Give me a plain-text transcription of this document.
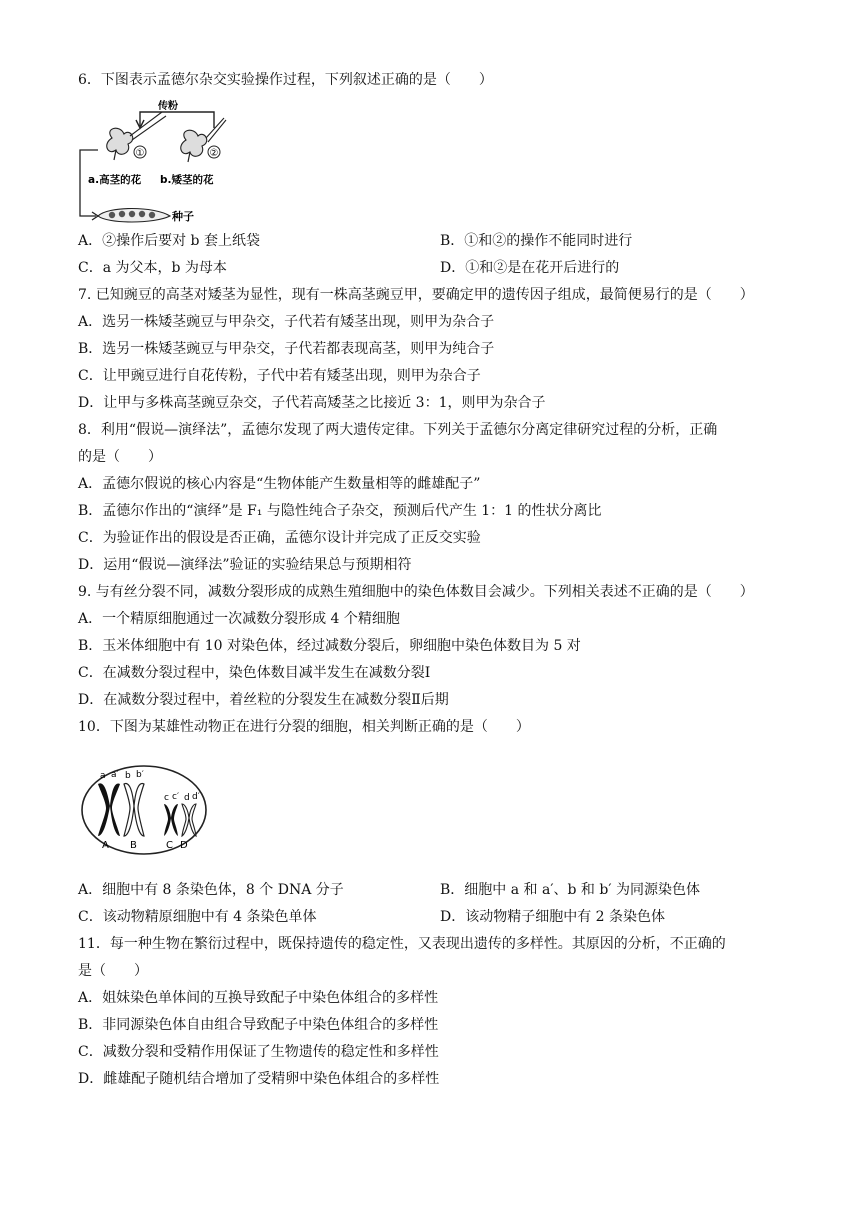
6．下图表示孟德尔杂交实验操作过程，下列叙述正确的是（　　）
传粉
①	②
a.高茎的花 b.矮茎的花
种子
A．②操作后要对 b 套上纸袋	B．①和②的操作不能同时进行
C．a 为父本，b 为母本	D．①和②是在花开后进行的
7. 已知豌豆的高茎对矮茎为显性，现有一株高茎豌豆甲，要确定甲的遗传因子组成，最简便易行的是（　　）
A．选另一株矮茎豌豆与甲杂交，子代若有矮茎出现，则甲为杂合子
B．选另一株矮茎豌豆与甲杂交，子代若都表现高茎，则甲为纯合子
C．让甲豌豆进行自花传粉，子代中若有矮茎出现，则甲为杂合子
D．让甲与多株高茎豌豆杂交，子代若高矮茎之比接近 3：1，则甲为杂合子
8．利用“假说—演绎法”，孟德尔发现了两大遗传定律。下列关于孟德尔分离定律研究过程的分析，正确
的是（　　）
A．孟德尔假说的核心内容是“生物体能产生数量相等的雌雄配子”
B．孟德尔作出的“演绎”是 F₁ 与隐性纯合子杂交，预测后代产生 1：1 的性状分离比
C．为验证作出的假设是否正确，孟德尔设计并完成了正反交实验
D．运用“假说—演绎法”验证的实验结果总与预期相符
9. 与有丝分裂不同，减数分裂形成的成熟生殖细胞中的染色体数目会减少。下列相关表述不正确的是（　　）
A．一个精原细胞通过一次减数分裂形成 4 个精细胞
B．玉米体细胞中有 10 对染色体，经过减数分裂后，卵细胞中染色体数目为 5 对
C．在减数分裂过程中，染色体数目减半发生在减数分裂Ⅰ
D．在减数分裂过程中，着丝粒的分裂发生在减数分裂Ⅱ后期
10．下图为某雄性动物正在进行分裂的细胞，相关判断正确的是（　　）
a a′ b b′
c c′ d d′
A B	C D
A．细胞中有 8 条染色体，8 个 DNA 分子	B．细胞中 a 和 a′、b 和 b′ 为同源染色体
C．该动物精原细胞中有 4 条染色单体	D．该动物精子细胞中有 2 条染色体
11．每一种生物在繁衍过程中，既保持遗传的稳定性，又表现出遗传的多样性。其原因的分析，不正确的
是（　　）
A．姐妹染色单体间的互换导致配子中染色体组合的多样性
B．非同源染色体自由组合导致配子中染色体组合的多样性
C．减数分裂和受精作用保证了生物遗传的稳定性和多样性
D．雌雄配子随机结合增加了受精卵中染色体组合的多样性
